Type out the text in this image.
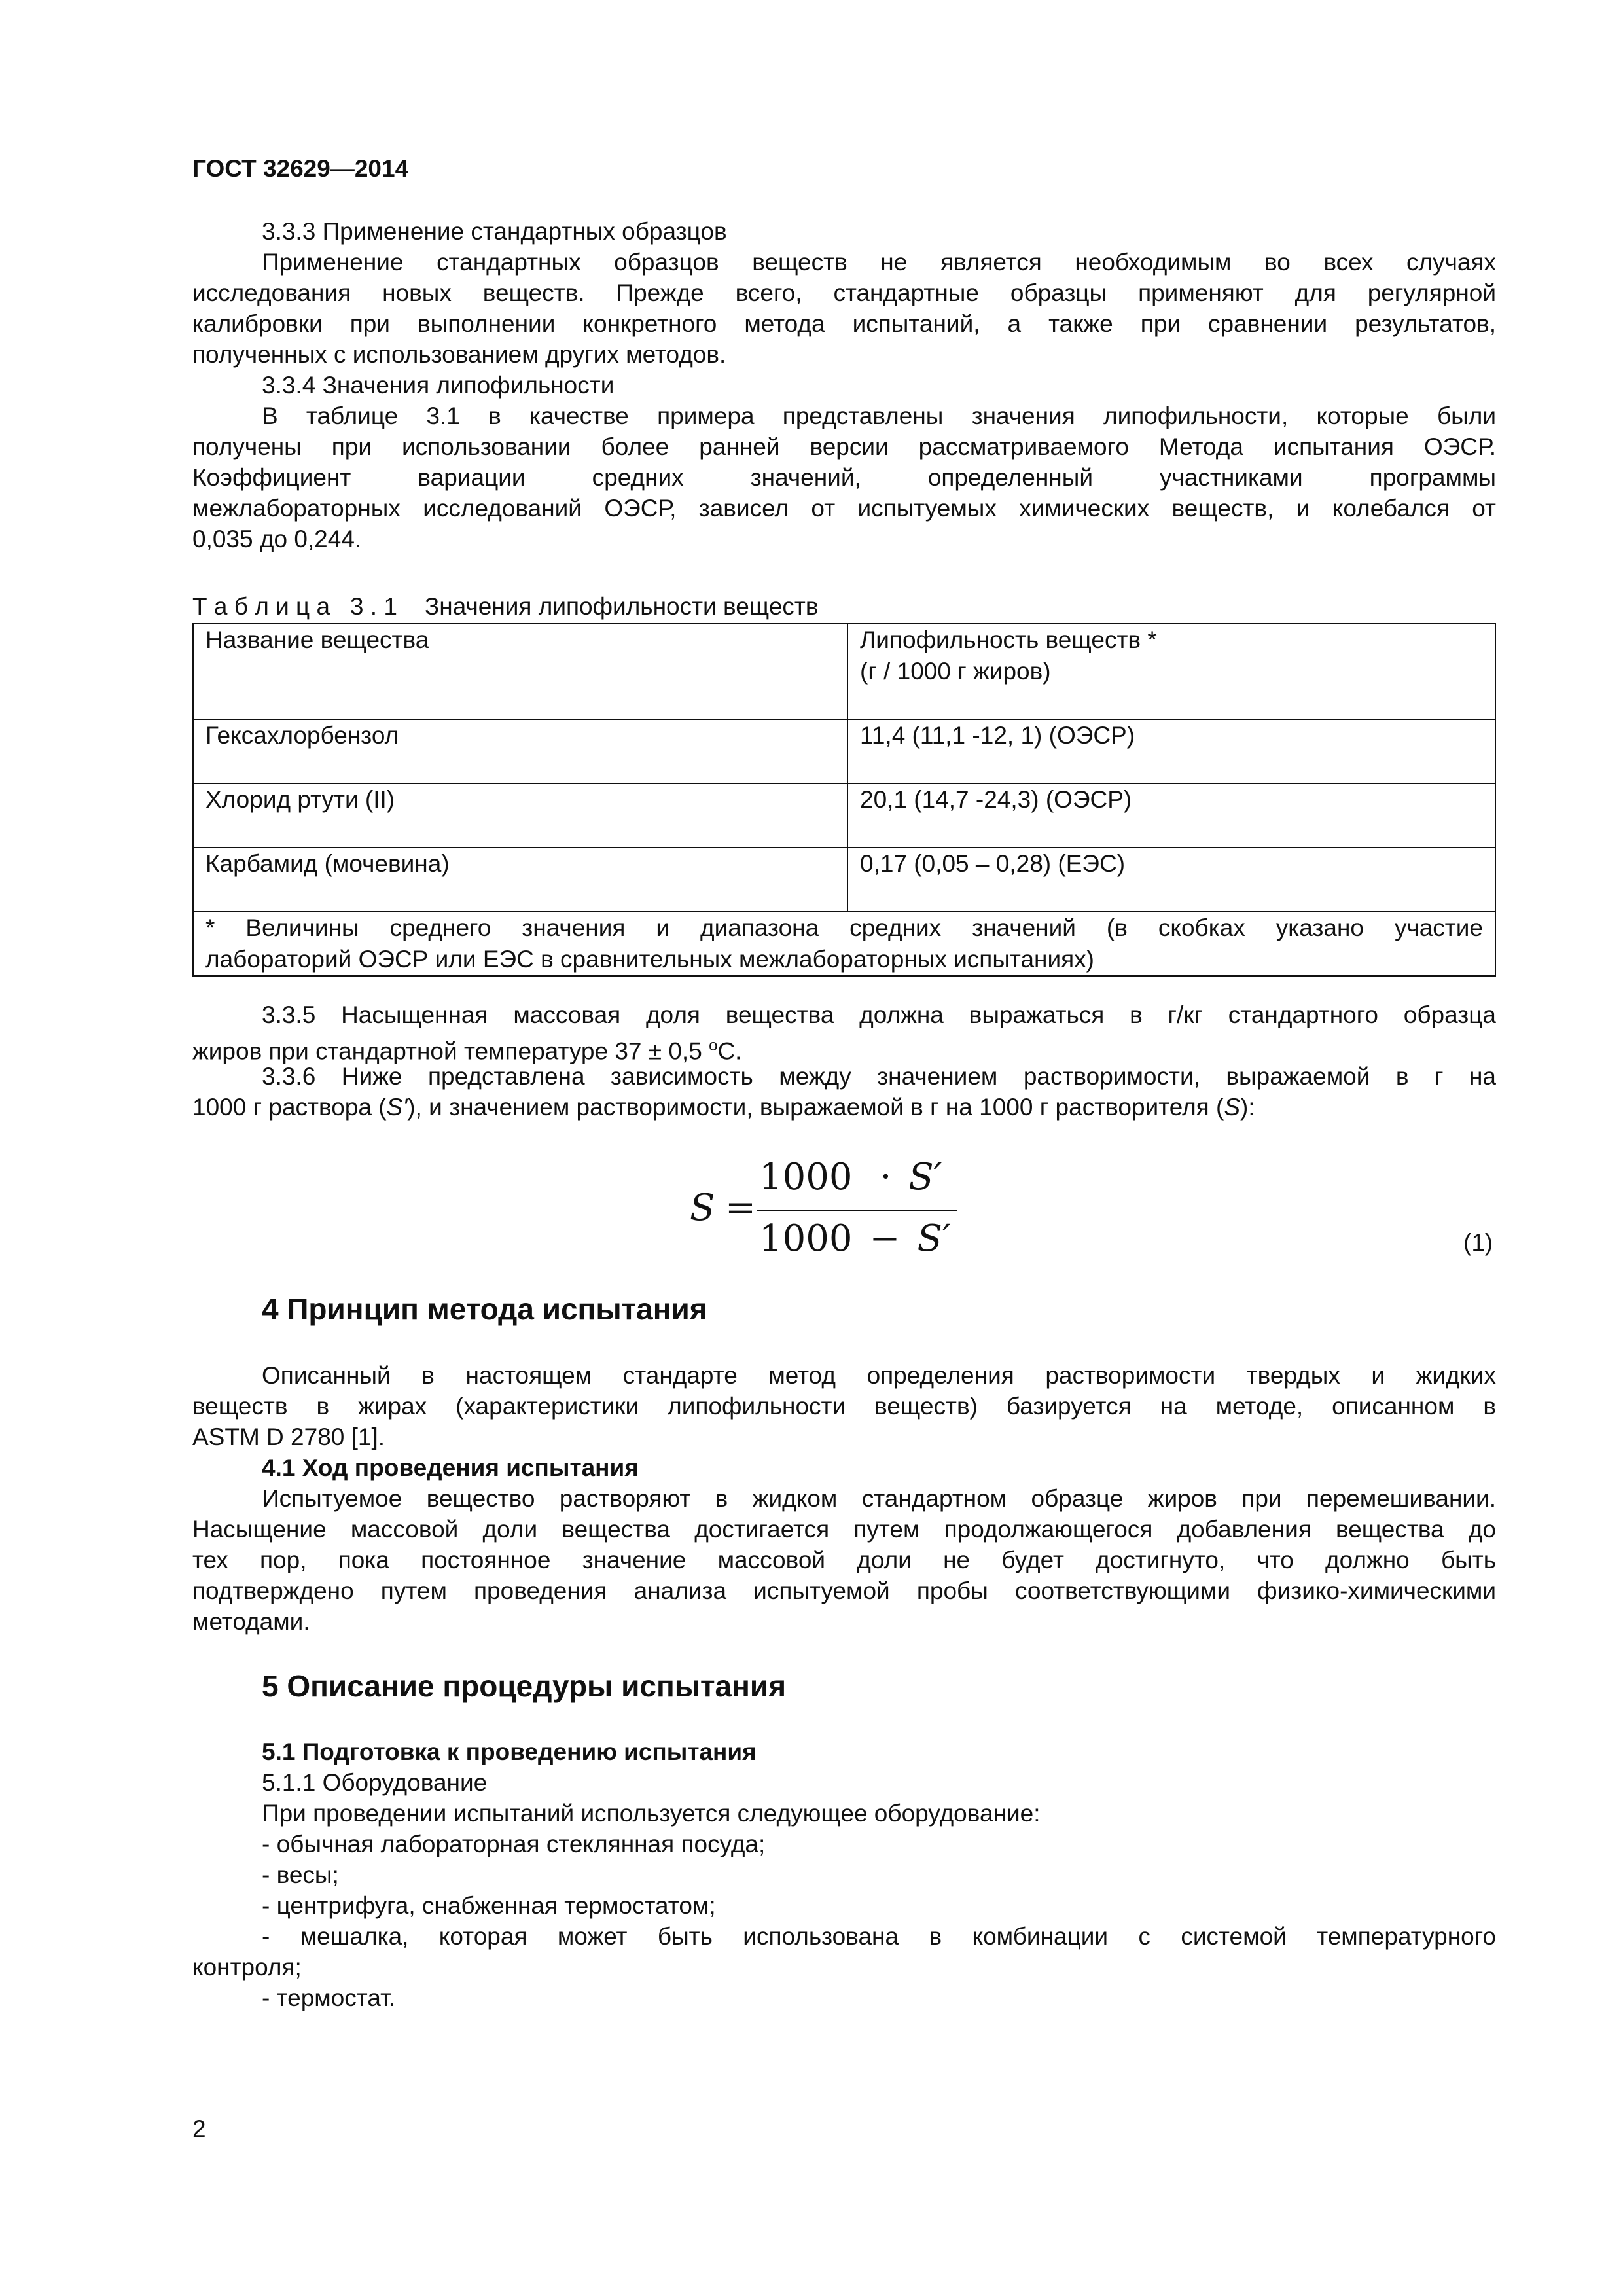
ГОСТ 32629—2014
3.3.3 Применение стандартных образцов
Применение стандартных образцов веществ не является необходимым во всех случаях
исследования новых веществ. Прежде всего, стандартные образцы применяют для регулярной
калибровки при выполнении конкретного метода испытаний, а также при сравнении результатов,
полученных с использованием других методов.
3.3.4 Значения липофильности
В таблице 3.1 в качестве примера представлены значения липофильности, которые были
получены при использовании более ранней версии рассматриваемого Метода испытания ОЭСР.
Коэффициент вариации средних значений, определенный участниками программы
межлабораторных исследований ОЭСР, зависел от испытуемых химических веществ, и колебался от
0,035 до 0,244.
Т а б л и ц а   3 . 1 Значения липофильности веществ
Название вещества	Липофильность веществ *
(г / 1000 г жиров)

Гексахлорбензол	11,4 (11,1 -12, 1) (ОЭСР)
Хлорид ртути (II)	20,1 (14,7 -24,3) (ОЭСР)
Карбамид (мочевина)	0,17 (0,05 – 0,28) (ЕЭС)

* Величины среднего значения и диапазона средних значений (в скобках указано участие
лабораторий ОЭСР или ЕЭС в сравнительных межлабораторных испытаниях)	
3.3.5 Насыщенная массовая доля вещества должна выражаться в г/кг стандартного образца
жиров при стандартной температуре 37 ± 0,5 $^o$C.
3.3.6 Ниже представлена зависимость между значением растворимости, выражаемой в г на
1000 г раствора (S'), и значением растворимости, выражаемой в г на 1000 г растворителя (S):
S =
1000 · S′
1000 − S′	(1)
4 Принцип метода испытания
Описанный в настоящем стандарте метод определения растворимости твердых и жидких
веществ в жирах (характеристики липофильности веществ) базируется на методе, описанном в
ASTM D 2780 [1].
4.1 Ход проведения испытания
Испытуемое вещество растворяют в жидком стандартном образце жиров при перемешивании.
Насыщение массовой доли вещества достигается путем продолжающегося добавления вещества до
тех пор, пока постоянное значение массовой доли не будет достигнуто, что должно быть
подтверждено путем проведения анализа испытуемой пробы соответствующими физико-химическими
методами.
5 Описание процедуры испытания
5.1 Подготовка к проведению испытания
5.1.1 Оборудование
При проведении испытаний используется следующее оборудование:
- обычная лабораторная стеклянная посуда;
- весы;
- центрифуга, снабженная термостатом;
- мешалка, которая может быть использована в комбинации с системой температурного
контроля;
- термостат.
2
